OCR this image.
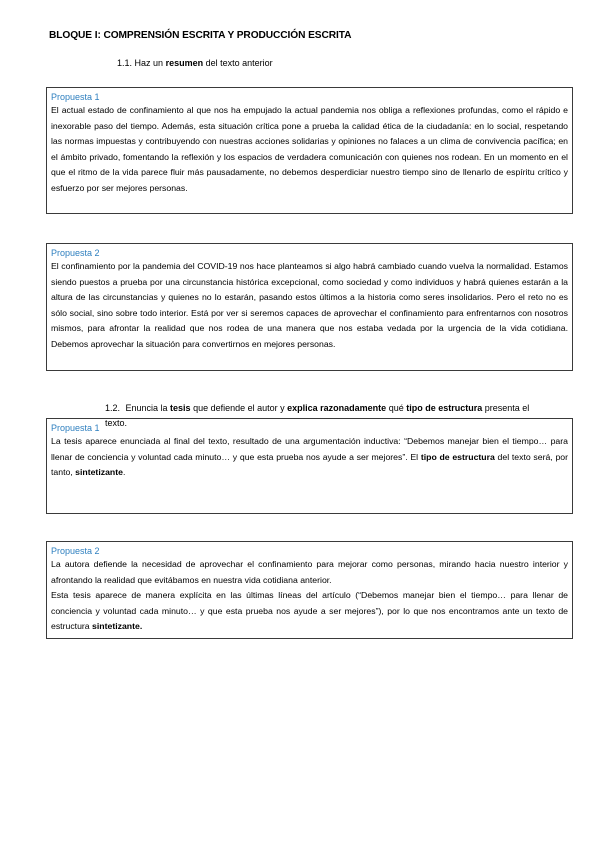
BLOQUE I: COMPRENSIÓN ESCRITA Y PRODUCCIÓN ESCRITA
1.1. Haz un resumen del texto anterior
Propuesta 1

El actual estado de confinamiento al que nos ha empujado la actual pandemia nos obliga a reflexiones profundas, como el rápido e inexorable paso del tiempo. Además, esta situación crítica pone a prueba la calidad ética de la ciudadanía: en lo social, respetando las normas impuestas y contribuyendo con nuestras acciones solidarias y opiniones no falaces a un clima de convivencia pacífica; en el ámbito privado, fomentando la reflexión y los espacios de verdadera comunicación con quienes nos rodean. En un momento en el que el ritmo de la vida parece fluir más pausadamente, no debemos desperdiciar nuestro tiempo sino de llenarlo de espíritu crítico y esfuerzo por ser mejores personas.

Propuesta 2

El confinamiento por la pandemia del COVID-19 nos hace planteamos si algo habrá cambiado cuando vuelva la normalidad. Estamos siendo puestos a prueba por una circunstancia histórica excepcional, como sociedad y como individuos y habrá quienes estarán a la altura de las circunstancias y quienes no lo estarán, pasando estos últimos a la historia como seres insolidarios. Pero el reto no es sólo social, sino sobre todo interior. Está por ver si seremos capaces de aprovechar el confinamiento para enfrentarnos con nosotros mismos, para afrontar la realidad que nos rodea de una manera que nos estaba vedada por la urgencia de la vida cotidiana. Debemos aprovechar la situación para convertirnos en mejores personas.

1.2. Enuncia la tesis que defiende el autor y explica razonadamente qué tipo de estructura presenta el texto.
Propuesta 1

La tesis aparece enunciada al final del texto, resultado de una argumentación inductiva: “Debemos manejar bien el tiempo… para llenar de conciencia y voluntad cada minuto… y que esta prueba nos ayude a ser mejores”. El tipo de estructura del texto será, por tanto, sintetizante.

Propuesta 2

La autora defiende la necesidad de aprovechar el confinamiento para mejorar como personas, mirando hacia nuestro interior y afrontando la realidad que evitábamos en nuestra vida cotidiana anterior.

Esta tesis aparece de manera explícita en las últimas líneas del artículo (“Debemos manejar bien el tiempo… para llenar de conciencia y voluntad cada minuto… y que esta prueba nos ayude a ser mejores”), por lo que nos encontramos ante un texto de estructura sintetizante.
